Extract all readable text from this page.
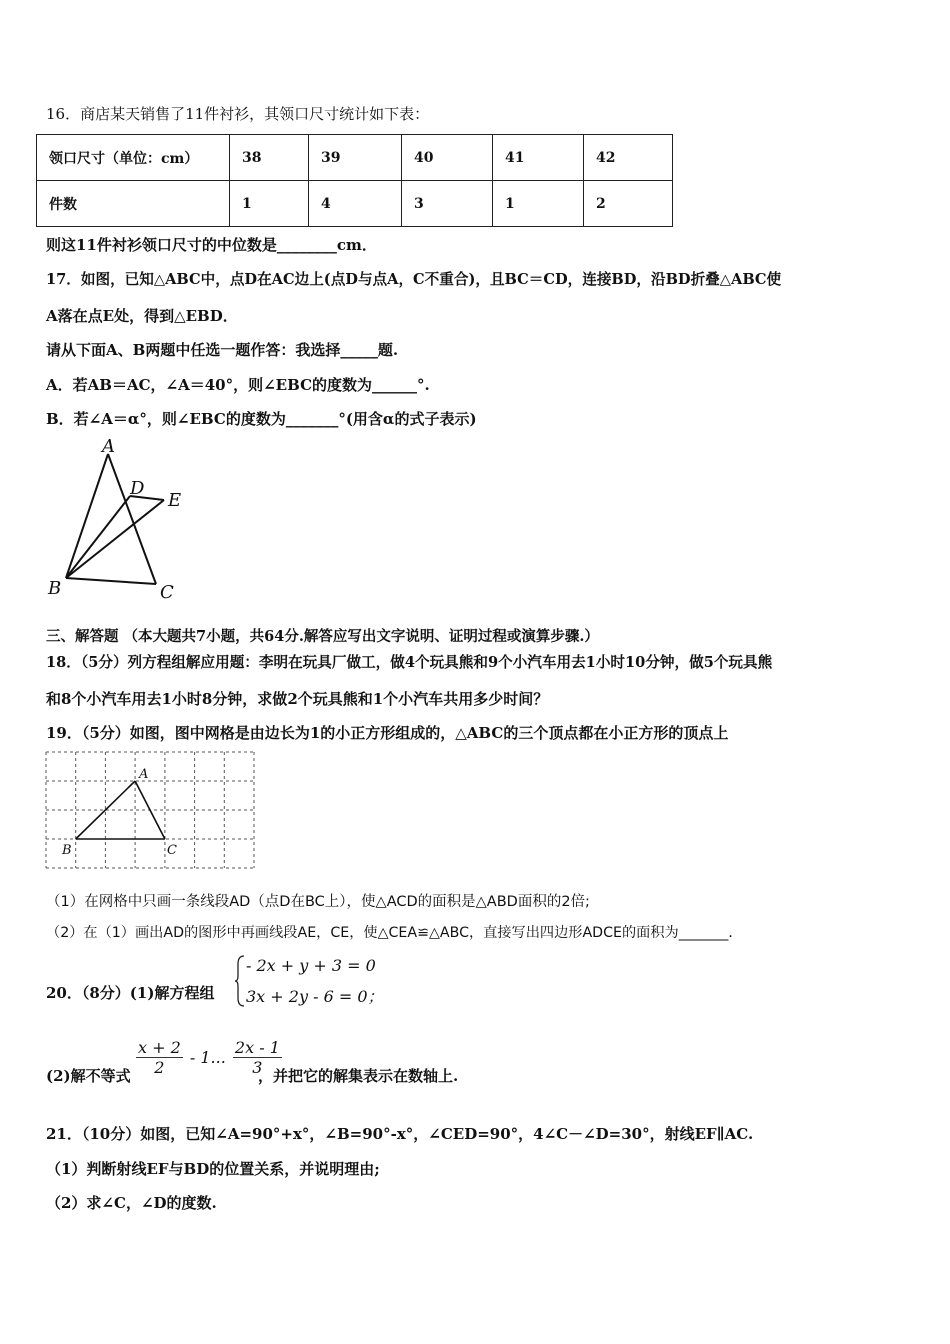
16．商店某天销售了11件衬衫，其领口尺寸统计如下表：
领口尺寸（单位：cm）	38	39	40	41	42
件数	1	4	3	1	2
则这11件衬衫领口尺寸的中位数是________cm．
17．如图，已知△ABC中，点D在AC边上(点D与点A，C不重合)，且BC＝CD，连接BD，沿BD折叠△ABC使
A落在点E处，得到△EBD．
请从下面A、B两题中任选一题作答：我选择_____题.
A．若AB＝AC，∠A＝40°，则∠EBC的度数为______°.
B．若∠A＝α°，则∠EBC的度数为_______°(用含α的式子表示)
A
B	C
D
E
三、解答题 （本大题共7小题，共64分.解答应写出文字说明、证明过程或演算步骤.）
18．（5分）列方程组解应用题：李明在玩具厂做工，做4个玩具熊和9个小汽车用去1小时10分钟，做5个玩具熊
和8个小汽车用去1小时8分钟，求做2个玩具熊和1个小汽车共用多少时间？
19．（5分）如图，图中网格是由边长为1的小正方形组成的，△ABC的三个顶点都在小正方形的顶点上
A
B	C
（1）在网格中只画一条线段AD（点D在BC上），使△ACD的面积是△ABD面积的2倍;
（2）在（1）画出AD的图形中再画线段AE，CE，使△CEA≌△ABC，直接写出四边形ADCE的面积为_______．
20．（8分）(1)解方程组
- 2x + y + 3 = 0
3x + 2y - 6 = 0；
(2)解不等式 $\frac{x + 2}{2} - 1$... $\frac{2x - 1}{3}$
，并把它的解集表示在数轴上.
21．（10分）如图，已知∠A=90°+x°，∠B=90°-x°，∠CED=90°，4∠C－∠D=30°，射线EF∥AC.
（1）判断射线EF与BD的位置关系，并说明理由;
（2）求∠C，∠D的度数.
